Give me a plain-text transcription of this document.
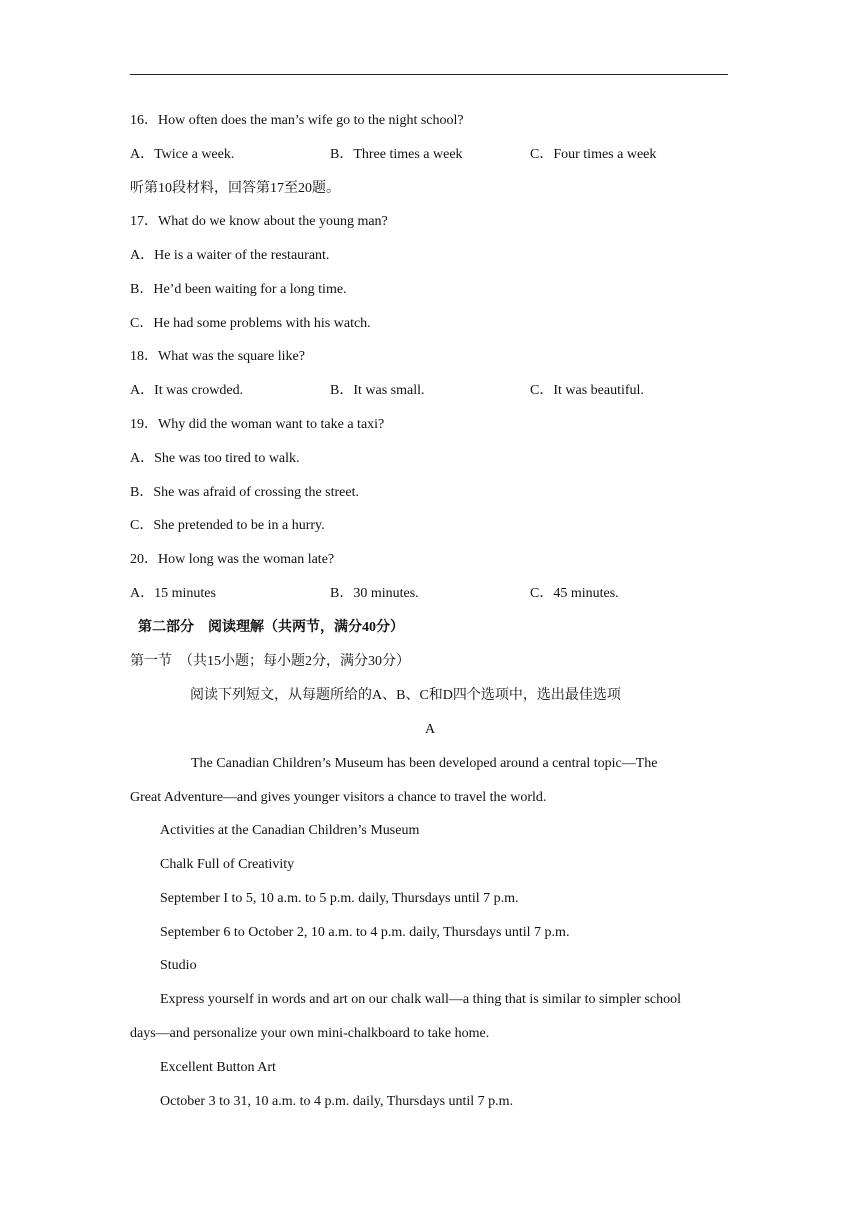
16．How often does the man’s wife go to the night school?
A．Twice a week.	B．Three times a week	C．Four times a week
听第10段材料，回答第17至20题。
17．What do we know about the young man?
A．He is a waiter of the restaurant.
B．He’d been waiting for a long time.
C．He had some problems with his watch.
18．What was the square like?
A．It was crowded.	B．It was small.	C．It was beautiful.
19．Why did the woman want to take a taxi?
A．She was too tired to walk.
B．She was afraid of crossing the street.
C．She pretended to be in a hurry.
20．How long was the woman late?
A．15 minutes	B．30 minutes.	C．45 minutes.
第二部分　阅读理解（共两节，满分40分）
第一节　（共15小题；每小题2分，满分30分）
阅读下列短文，从每题所给的A、B、C和D四个选项中，选出最佳选项
A
The Canadian Children’s Museum has been developed around a central topic—The
Great Adventure—and gives younger visitors a chance to travel the world.
Activities at the Canadian Children’s Museum
Chalk Full of Creativity
September I to 5, 10 a.m. to 5 p.m. daily, Thursdays until 7 p.m.
September 6 to October 2, 10 a.m. to 4 p.m. daily, Thursdays until 7 p.m.
Studio
Express yourself in words and art on our chalk wall—a thing that is similar to simpler school
days—and personalize your own mini-chalkboard to take home.
Excellent Button Art
October 3 to 31, 10 a.m. to 4 p.m. daily, Thursdays until 7 p.m.
